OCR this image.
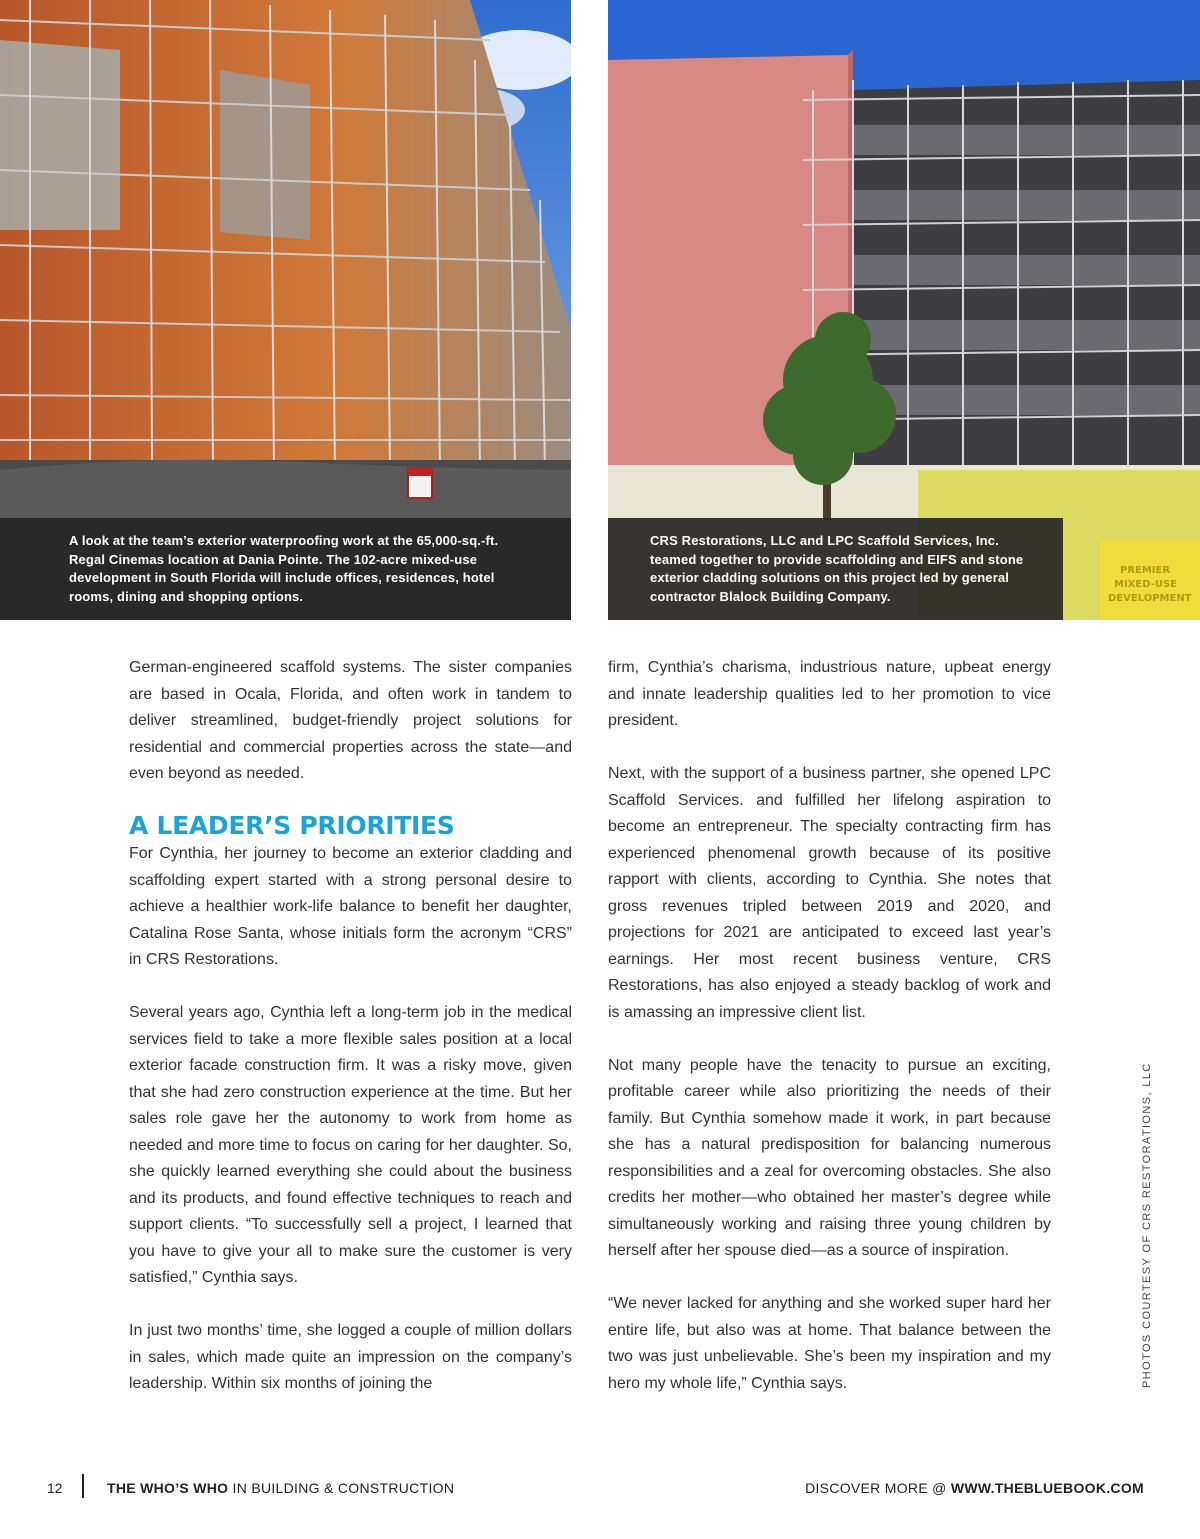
A look at the team’s exterior waterproofing work at the 65,000-sq.-ft. Regal Cinemas location at Dania Pointe. The 102-acre mixed-use development in South Florida will include offices, residences, hotel rooms, dining and shopping options.

PREMIER
MIXED-USE
DEVELOPMENT

CRS Restorations, LLC and LPC Scaffold Services, Inc. teamed together to provide scaffolding and EIFS and stone exterior cladding solutions on this project led by general contractor Blalock Building Company.

German-engineered scaffold systems. The sister companies are based in Ocala, Florida, and often work in tandem to deliver streamlined, budget-friendly project solutions for residential and commercial properties across the state—and even beyond as needed.

A LEADER’S PRIORITIES

For Cynthia, her journey to become an exterior cladding and scaffolding expert started with a strong personal desire to achieve a healthier work-life balance to benefit her daughter, Catalina Rose Santa, whose initials form the acronym “CRS” in CRS Restorations.

Several years ago, Cynthia left a long-term job in the medical services field to take a more flexible sales position at a local exterior facade construction firm. It was a risky move, given that she had zero construction experience at the time. But her sales role gave her the autonomy to work from home as needed and more time to focus on caring for her daughter. So, she quickly learned everything she could about the business and its products, and found effective techniques to reach and support clients. “To successfully sell a project, I learned that you have to give your all to make sure the customer is very satisfied,” Cynthia says.

In just two months’ time, she logged a couple of million dollars in sales, which made quite an impression on the company’s leadership. Within six months of joining the

firm, Cynthia’s charisma, industrious nature, upbeat energy and innate leadership qualities led to her promotion to vice president.

Next, with the support of a business partner, she opened LPC Scaffold Services. and fulfilled her lifelong aspiration to become an entrepreneur. The specialty contracting firm has experienced phenomenal growth because of its positive rapport with clients, according to Cynthia. She notes that gross revenues tripled between 2019 and 2020, and projections for 2021 are anticipated to exceed last year’s earnings. Her most recent business venture, CRS Restorations, has also enjoyed a steady backlog of work and is amassing an impressive client list.

Not many people have the tenacity to pursue an exciting, profitable career while also prioritizing the needs of their family. But Cynthia somehow made it work, in part because she has a natural predisposition for balancing numerous responsibilities and a zeal for overcoming obstacles. She also credits her mother—who obtained her master’s degree while simultaneously working and raising three young children by herself after her spouse died—as a source of inspiration.

“We never lacked for anything and she worked super hard her entire life, but also was at home. That balance between the two was just unbelievable. She’s been my inspiration and my hero my whole life,” Cynthia says.	PHOTOS COURTESY OF CRS RESTORATIONS, LLC
12	THE WHO’S WHO IN BUILDING & CONSTRUCTION	DISCOVER MORE @ WWW.THEBLUEBOOK.COM
